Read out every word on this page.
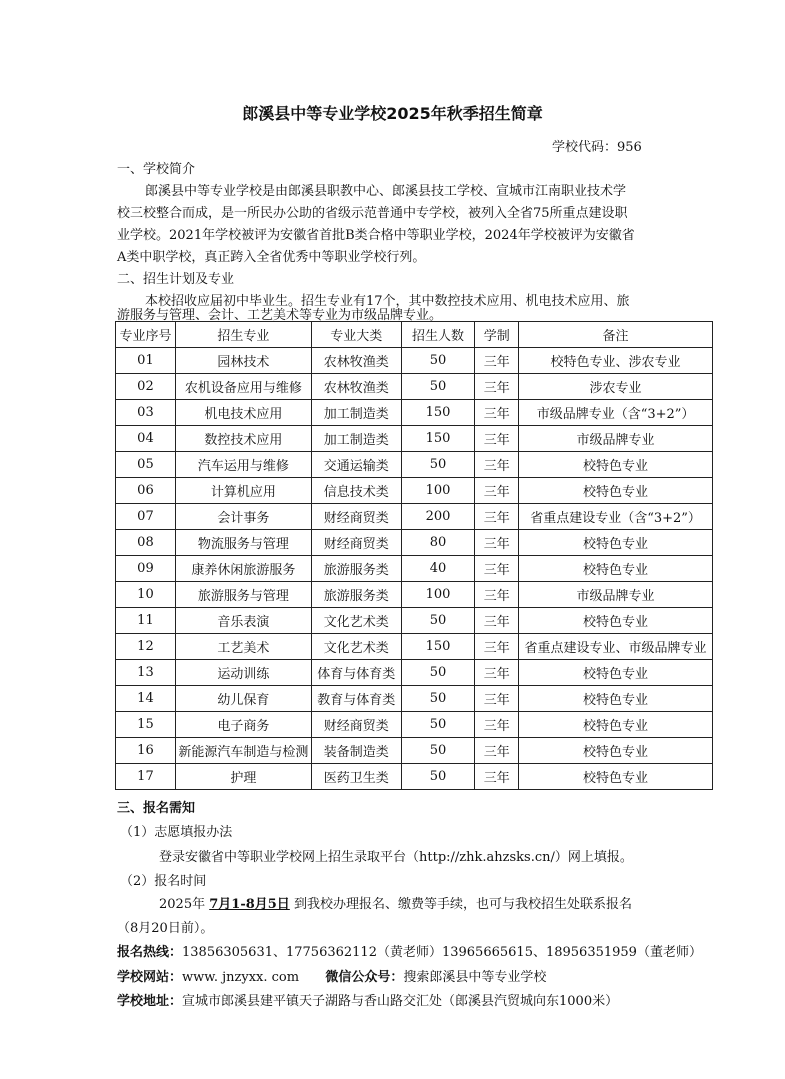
郎溪县中等专业学校2025年秋季招生简章
学校代码：956
一、学校简介
郎溪县中等专业学校是由郎溪县职教中心、郎溪县技工学校、宣城市江南职业技术学
校三校整合而成，是一所民办公助的省级示范普通中专学校，被列入全省75所重点建设职
业学校。2021年学校被评为安徽省首批B类合格中等职业学校，2024年学校被评为安徽省
A类中职学校，真正跨入全省优秀中等职业学校行列。
二、招生计划及专业
本校招收应届初中毕业生。招生专业有17个，其中数控技术应用、机电技术应用、旅
游服务与管理、会计、工艺美术等专业为市级品牌专业。
专业序号	招生专业	专业大类	招生人数	学制	备注
01	园林技术	农林牧渔类	50	三年	校特色专业、涉农专业
02	农机设备应用与维修	农林牧渔类	50	三年	涉农专业
03	机电技术应用	加工制造类	150	三年	市级品牌专业（含“3+2”）
04	数控技术应用	加工制造类	150	三年	市级品牌专业
05	汽车运用与维修	交通运输类	50	三年	校特色专业
06	计算机应用	信息技术类	100	三年	校特色专业
07	会计事务	财经商贸类	200	三年	省重点建设专业（含“3+2”）
08	物流服务与管理	财经商贸类	80	三年	校特色专业
09	康养休闲旅游服务	旅游服务类	40	三年	校特色专业
10	旅游服务与管理	旅游服务类	100	三年	市级品牌专业
11	音乐表演	文化艺术类	50	三年	校特色专业
12	工艺美术	文化艺术类	150	三年	省重点建设专业、市级品牌专业
13	运动训练	体育与体育类	50	三年	校特色专业
14	幼儿保育	教育与体育类	50	三年	校特色专业
15	电子商务	财经商贸类	50	三年	校特色专业
16	新能源汽车制造与检测	装备制造类	50	三年	校特色专业
17	护理	医药卫生类	50	三年	校特色专业
三、报名需知
（1）志愿填报办法
登录安徽省中等职业学校网上招生录取平台（http://zhk.ahzsks.cn/）网上填报。
（2）报名时间
2025年 7月1-8月5日 到我校办理报名、缴费等手续，也可与我校招生处联系报名
（8月20日前）。
报名热线：13856305631、17756362112（黄老师）13965665615、18956351959（董老师）
学校网站：www. jnzyxx. com 微信公众号：搜索郎溪县中等专业学校
学校地址：宣城市郎溪县建平镇天子湖路与香山路交汇处（郎溪县汽贸城向东1000米）
